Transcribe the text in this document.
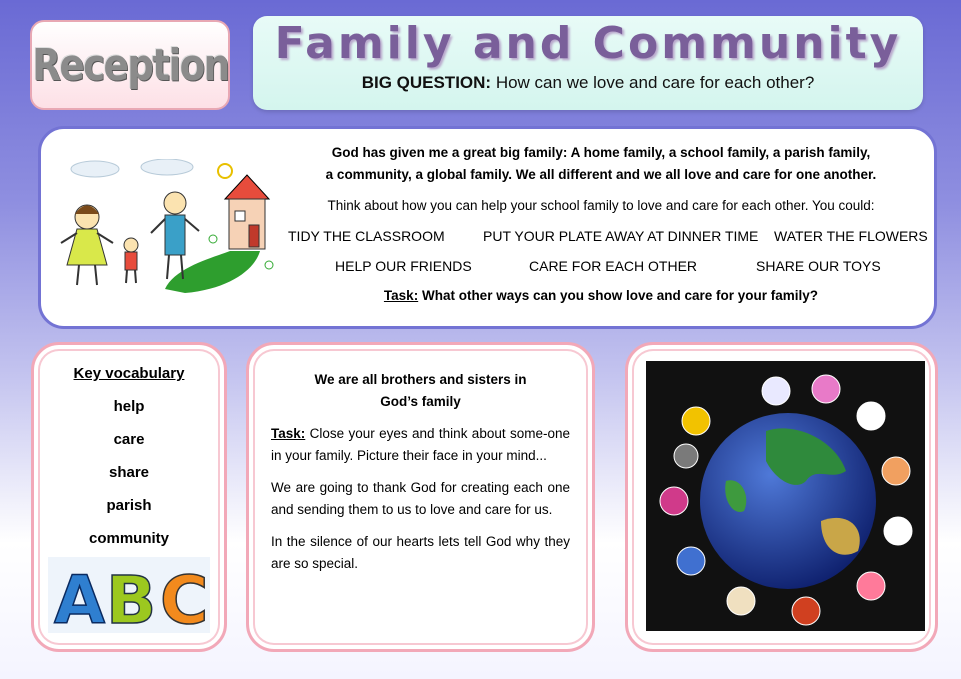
Reception	Family and Community
BIG QUESTION: How can we love and care for each other?
God has given me a great big family: A home family, a school family, a parish family,
a community, a global family. We all different and we all love and care for one another.
Think about how you can help your school family to love and care for each other. You could:
TIDY THE CLASSROOM	PUT YOUR PLATE AWAY AT DINNER TIME WATER THE FLOWERS
HELP OUR FRIENDS	CARE FOR EACH OTHER	SHARE OUR TOYS
Task: What other ways can you show love and care for your family?
Key vocabulary
help
care
share
parish
community
A B C
We are all brothers and sisters in
God’s family
Task: Close your eyes and think about some-one in your family. Picture their face in your mind...
We are going to thank God for creating each one and sending them to us to love and care for us.
In the silence of our hearts lets tell God why they are so special.
